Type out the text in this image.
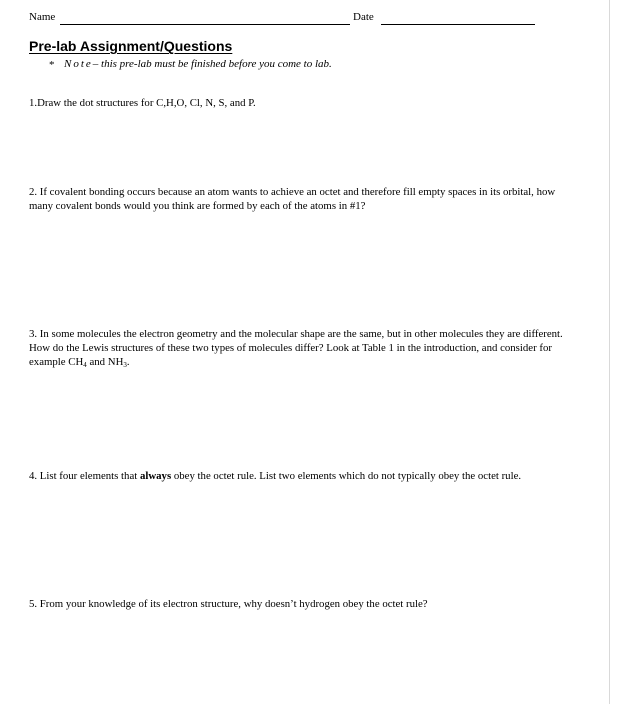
Name	Date
Pre-lab Assignment/Questions
* Note– this pre-lab must be finished before you come to lab.
1.Draw the dot structures for C,H,O, Cl, N, S, and P.
2. If covalent bonding occurs because an atom wants to achieve an octet and therefore fill empty spaces in its orbital, how many covalent bonds would you think are formed by each of the atoms in #1?
3. In some molecules the electron geometry and the molecular shape are the same, but in other molecules they are different. How do the Lewis structures of these two types of molecules differ? Look at Table 1 in the introduction, and consider for example $CH_4$ and $NH_3$.
4. List four elements that always obey the octet rule. List two elements which do not typically obey the octet rule.
5. From your knowledge of its electron structure, why doesn’t hydrogen obey the octet rule?
